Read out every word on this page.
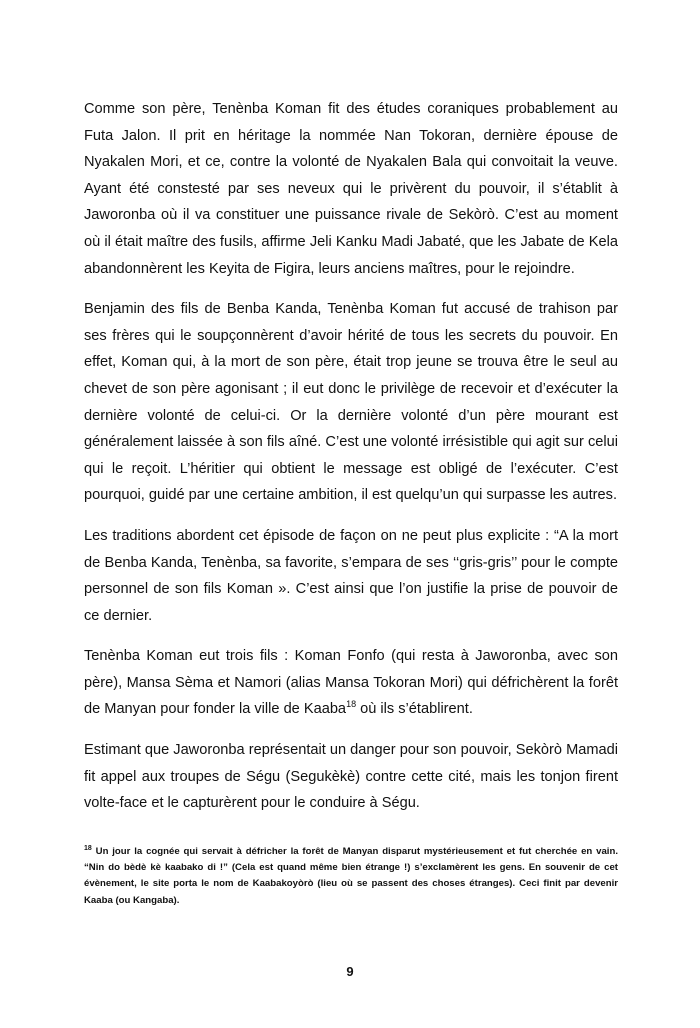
Comme son père, Tenènba Koman fit des études coraniques probablement au Futa Jalon. Il prit en héritage la nommée Nan Tokoran, dernière épouse de Nyakalen Mori, et ce, contre la volonté de Nyakalen Bala qui convoitait la veuve. Ayant été constesté par ses neveux qui le privèrent du pouvoir, il s’établit à Jaworonba où il va constituer une puissance rivale de Sekòrò. C’est au moment où il était maître des fusils, affirme Jeli Kanku Madi Jabaté, que les Jabate de Kela abandonnèrent les Keyita de Figira, leurs anciens maîtres, pour le rejoindre.

Benjamin des fils de Benba Kanda, Tenènba Koman fut accusé de trahison par ses frères qui le soupçonnèrent d’avoir hérité de tous les secrets du pouvoir. En effet, Koman qui, à la mort de son père, était trop jeune se trouva être le seul au chevet de son père agonisant ; il eut donc le privilège de recevoir et d’exécuter la dernière volonté de celui-ci. Or la dernière volonté d’un père mourant est généralement laissée à son fils aîné. C’est une volonté irrésistible qui agit sur celui qui le reçoit. L’héritier qui obtient le message est obligé de l’exécuter. C’est pourquoi, guidé par une certaine ambition, il est quelqu’un qui surpasse les autres.

Les traditions abordent cet épisode de façon on ne peut plus explicite : “A la mort de Benba Kanda, Tenènba, sa favorite, s’empara de ses ‘‘gris-gris’’ pour le compte personnel de son fils Koman ». C’est ainsi que l’on justifie la prise de pouvoir de ce dernier.

Tenènba Koman eut trois fils : Koman Fonfo (qui resta à Jaworonba, avec son père), Mansa Sèma et Namori (alias Mansa Tokoran Mori) qui défrichèrent la forêt de Manyan pour fonder la ville de Kaaba$^{18}$ où ils s’établirent.

Estimant que Jaworonba représentait un danger pour son pouvoir, Sekòrò Mamadi fit appel aux troupes de Ségu (Segukèkè) contre cette cité, mais les tonjon firent volte-face et le capturèrent pour le conduire à Ségu.

$^{18}$ Un jour la cognée qui servait à défricher la forêt de Manyan disparut mystérieusement et fut cherchée en vain. “Nin do bèdè kè kaabako di !” (Cela est quand même bien étrange !) s’exclamèrent les gens. En souvenir de cet évènement, le site porta le nom de Kaabakoyòrò (lieu où se passent des choses étranges). Ceci finit par devenir Kaaba (ou Kangaba).

9
